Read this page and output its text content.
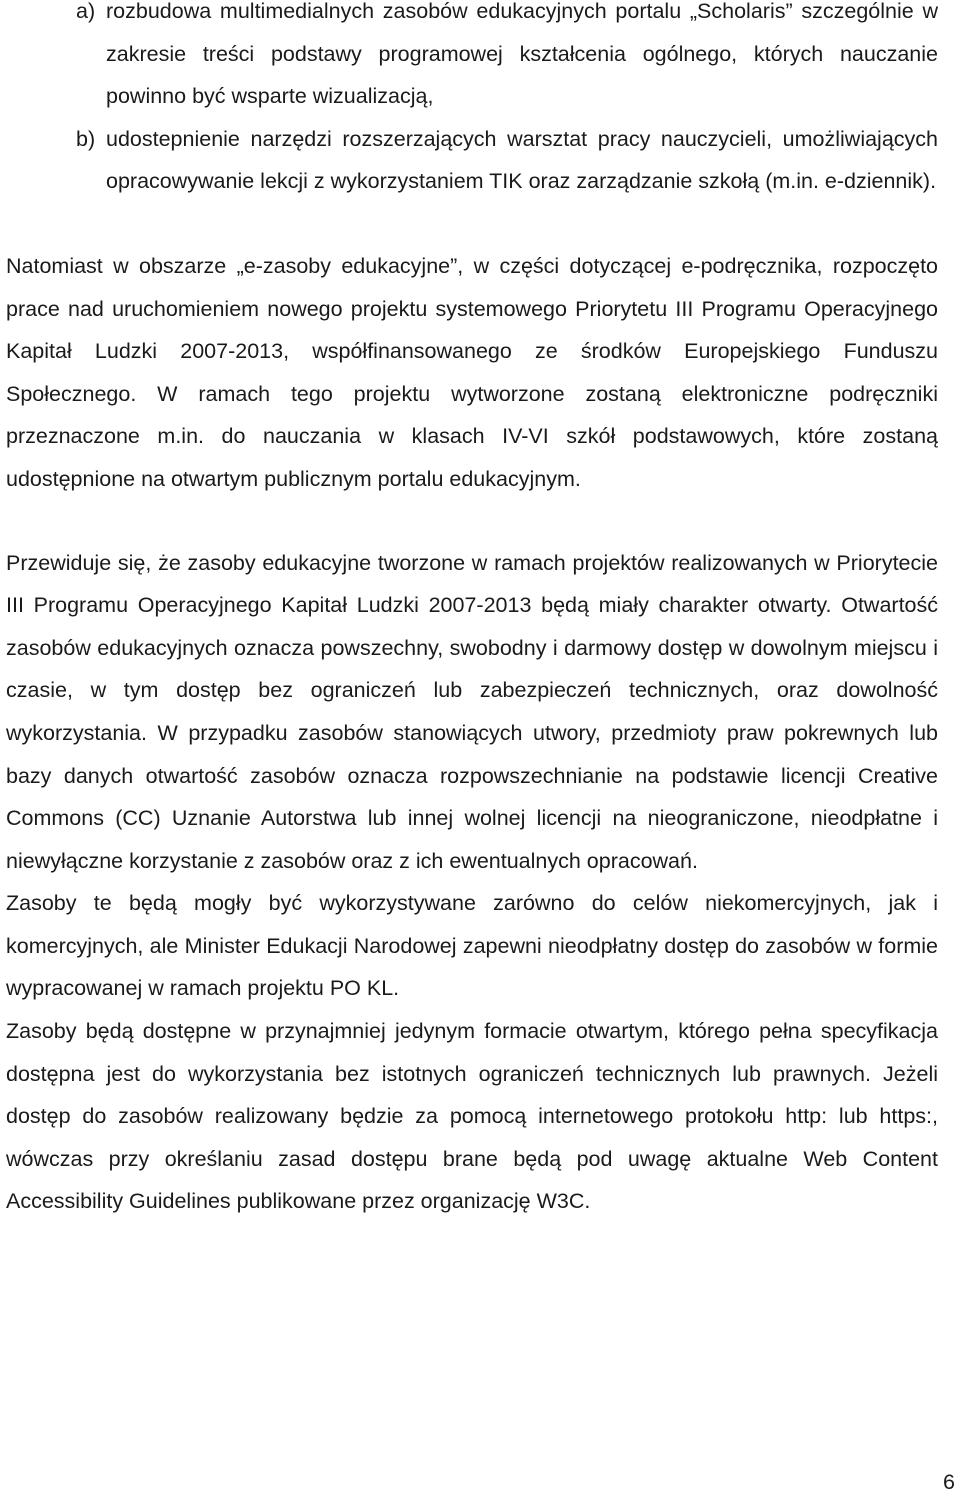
a) rozbudowa multimedialnych zasobów edukacyjnych portalu „Scholaris” szczególnie w zakresie treści podstawy programowej kształcenia ogólnego, których nauczanie powinno być wsparte wizualizacją,
b) udostepnienie narzędzi rozszerzających warsztat pracy nauczycieli, umożliwiających opracowywanie lekcji z wykorzystaniem TIK oraz zarządzanie szkołą (m.in. e-dziennik).

Natomiast w obszarze „e-zasoby edukacyjne”, w części dotyczącej e-podręcznika, rozpoczęto prace nad uruchomieniem nowego projektu systemowego Priorytetu III Programu Operacyjnego Kapitał Ludzki 2007-2013, współfinansowanego ze środków Europejskiego Funduszu Społecznego. W ramach tego projektu wytworzone zostaną elektroniczne podręczniki przeznaczone m.in. do nauczania w klasach IV-VI szkół podstawowych, które zostaną udostępnione na otwartym publicznym portalu edukacyjnym.

Przewiduje się, że zasoby edukacyjne tworzone w ramach projektów realizowanych w Priorytecie III Programu Operacyjnego Kapitał Ludzki 2007-2013 będą miały charakter otwarty. Otwartość zasobów edukacyjnych oznacza powszechny, swobodny i darmowy dostęp w dowolnym miejscu i czasie, w tym dostęp bez ograniczeń lub zabezpieczeń technicznych, oraz dowolność wykorzystania. W przypadku zasobów stanowiących utwory, przedmioty praw pokrewnych lub bazy danych otwartość zasobów oznacza rozpowszechnianie na podstawie licencji Creative Commons (CC) Uznanie Autorstwa lub innej wolnej licencji na nieograniczone, nieodpłatne i niewyłączne korzystanie z zasobów oraz z ich ewentualnych opracowań.

Zasoby te będą mogły być wykorzystywane zarówno do celów niekomercyjnych, jak i komercyjnych, ale Minister Edukacji Narodowej zapewni nieodpłatny dostęp do zasobów w formie wypracowanej w ramach projektu PO KL.

Zasoby będą dostępne w przynajmniej jedynym formacie otwartym, którego pełna specyfikacja dostępna jest do wykorzystania bez istotnych ograniczeń technicznych lub prawnych. Jeżeli dostęp do zasobów realizowany będzie za pomocą internetowego protokołu http: lub https:, wówczas przy określaniu zasad dostępu brane będą pod uwagę aktualne Web Content Accessibility Guidelines publikowane przez organizację W3C.

6
